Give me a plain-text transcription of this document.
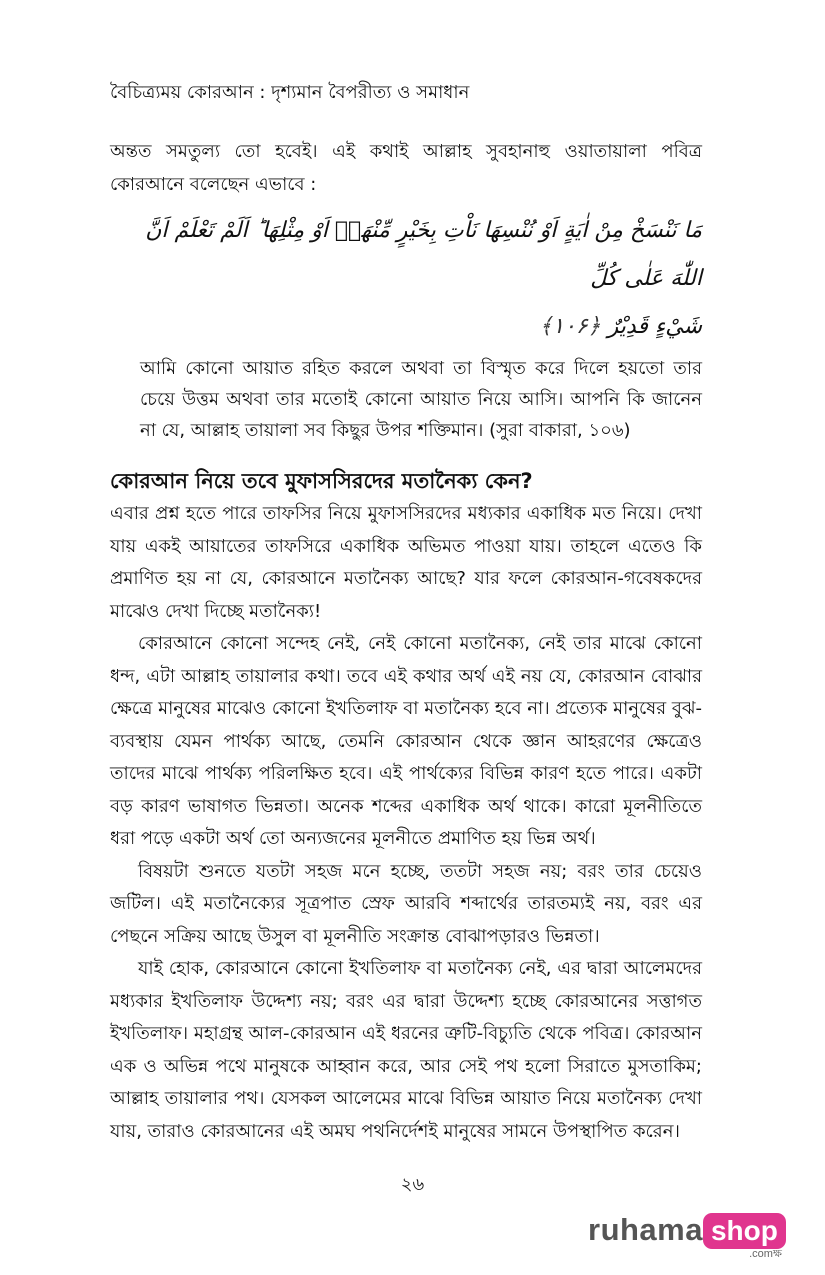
বৈচিত্র্যময় কোরআন : দৃশ্যমান বৈপরীত্য ও সমাধান

অন্তত সমতুল্য তো হবেই। এই কথাই আল্লাহ সুবহানাহু ওয়াতায়ালা পবিত্র কোরআনে বলেছেন এভাবে :

مَا نَنْسَخْ مِنْ اٰيَةٍ اَوْ نُنْسِهَا نَاْتِ بِخَيْرٍ مِّنْهَاۤ اَوْ مِثْلِهَا ؕ اَلَمْ تَعْلَمْ اَنَّ اللّٰهَ عَلٰى كُلِّ
شَيْءٍ قَدِيْرٌ ﴿۱۰۶﴾

আমি কোনো আয়াত রহিত করলে অথবা তা বিস্মৃত করে দিলে হয়তো তার চেয়ে উত্তম অথবা তার মতোই কোনো আয়াত নিয়ে আসি। আপনি কি জানেন না যে, আল্লাহ তায়ালা সব কিছুর উপর শক্তিমান। (সুরা বাকারা, ১০৬)

কোরআন নিয়ে তবে মুফাসসিরদের মতানৈক্য কেন?

এবার প্রশ্ন হতে পারে তাফসির নিয়ে মুফাসসিরদের মধ্যকার একাধিক মত নিয়ে। দেখা যায় একই আয়াতের তাফসিরে একাধিক অভিমত পাওয়া যায়। তাহলে এতেও কি প্রমাণিত হয় না যে, কোরআনে মতানৈক্য আছে? যার ফলে কোরআন-গবেষকদের মাঝেও দেখা দিচ্ছে মতানৈক্য!

কোরআনে কোনো সন্দেহ নেই, নেই কোনো মতানৈক্য, নেই তার মাঝে কোনো ধন্দ, এটা আল্লাহ তায়ালার কথা। তবে এই কথার অর্থ এই নয় যে, কোরআন বোঝার ক্ষেত্রে মানুষের মাঝেও কোনো ইখতিলাফ বা মতানৈক্য হবে না। প্রত্যেক মানুষের বুঝ-ব্যবস্থায় যেমন পার্থক্য আছে, তেমনি কোরআন থেকে জ্ঞান আহরণের ক্ষেত্রেও তাদের মাঝে পার্থক্য পরিলক্ষিত হবে। এই পার্থক্যের বিভিন্ন কারণ হতে পারে। একটা বড় কারণ ভাষাগত ভিন্নতা। অনেক শব্দের একাধিক অর্থ থাকে। কারো মূলনীতিতে ধরা পড়ে একটা অর্থ তো অন্যজনের মূলনীতে প্রমাণিত হয় ভিন্ন অর্থ।

বিষয়টা শুনতে যতটা সহজ মনে হচ্ছে, ততটা সহজ নয়; বরং তার চেয়েও জটিল। এই মতানৈক্যের সূত্রপাত স্রেফ আরবি শব্দার্থের তারতম্যই নয়, বরং এর পেছনে সক্রিয় আছে উসুল বা মূলনীতি সংক্রান্ত বোঝাপড়ারও ভিন্নতা।

যাই হোক, কোরআনে কোনো ইখতিলাফ বা মতানৈক্য নেই, এর দ্বারা আলেমদের মধ্যকার ইখতিলাফ উদ্দেশ্য নয়; বরং এর দ্বারা উদ্দেশ্য হচ্ছে কোরআনের সত্তাগত ইখতিলাফ। মহাগ্রন্থ আল-কোরআন এই ধরনের ত্রুটি-বিচ্যুতি থেকে পবিত্র। কোরআন এক ও অভিন্ন পথে মানুষকে আহ্বান করে, আর সেই পথ হলো সিরাতে মুসতাকিম; আল্লাহ তায়ালার পথ। যেসকল আলেমের মাঝে বিভিন্ন আয়াত নিয়ে মতানৈক্য দেখা যায়, তারাও কোরআনের এই অমঘ পথনির্দেশই মানুষের সামনে উপস্থাপিত করেন।

২৬
ruhama shop
.comক্ষ
